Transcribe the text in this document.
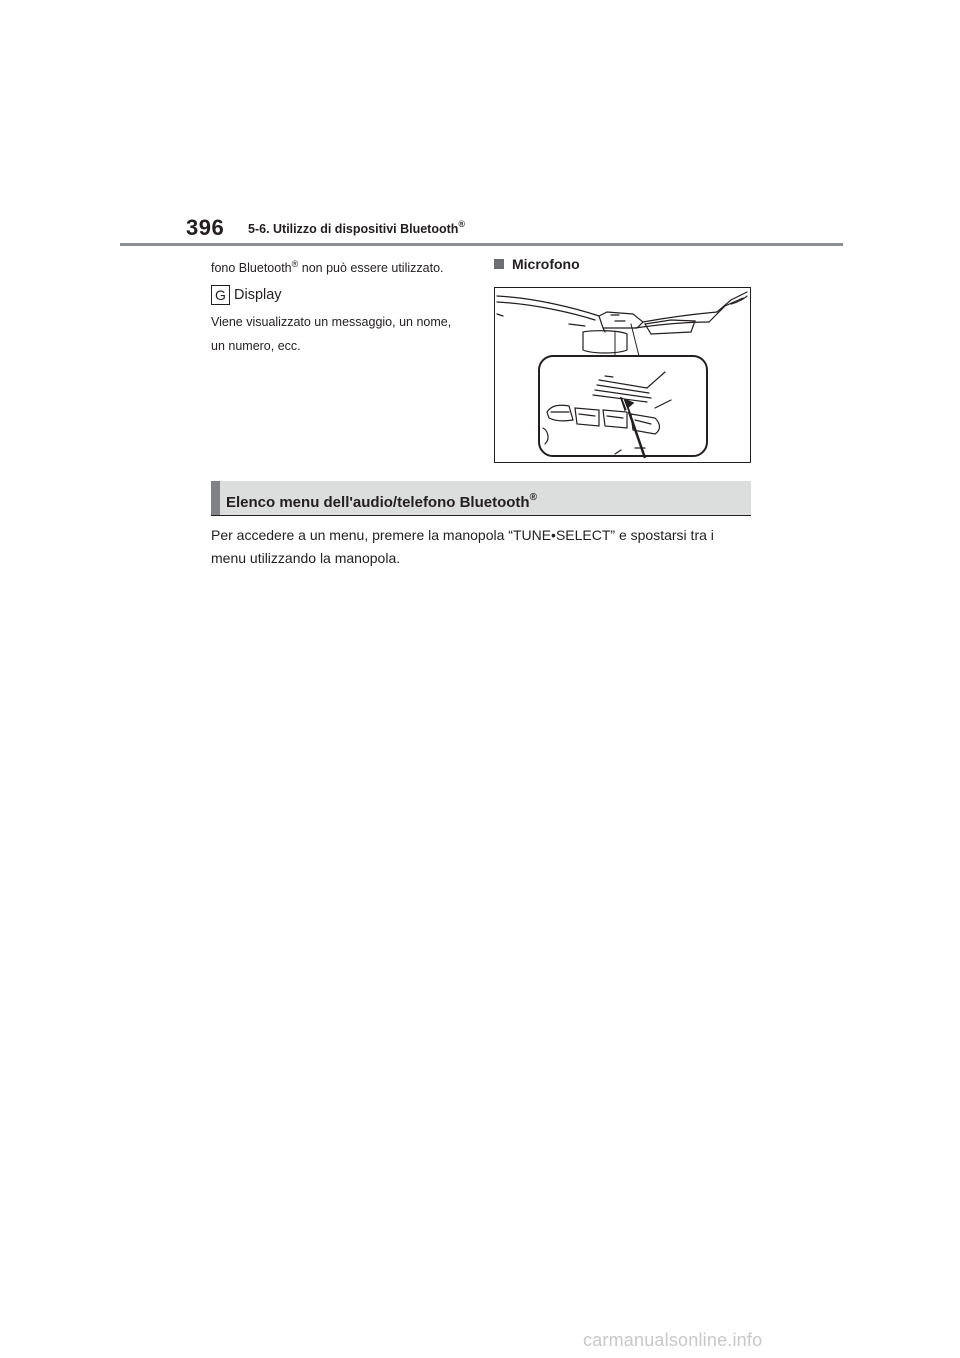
396 5-6. Utilizzo di dispositivi Bluetooth®
fono Bluetooth® non può essere utilizzato.
G Display
Viene visualizzato un messaggio, un nome,
un numero, ecc.
Microfono
Elenco menu dell'audio/telefono Bluetooth®
Per accedere a un menu, premere la manopola “TUNE•SELECT” e spostarsi tra i
menu utilizzando la manopola.
carmanualsonline.info
